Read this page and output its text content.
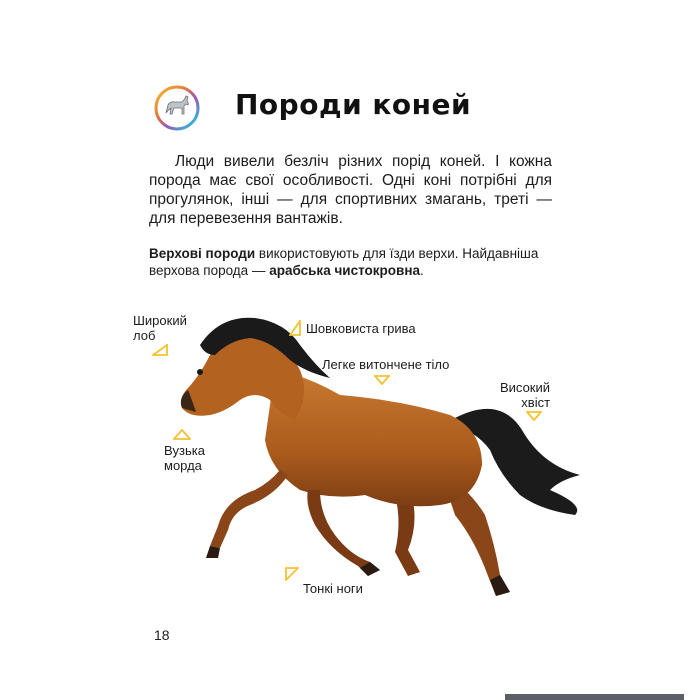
Породи коней
Люди вивели безліч різних порід коней. І кожна порода має свої особливості. Одні коні потрібні для прогулянок, інші — для спортивних змагань, треті — для перевезення вантажів.
Верхові породи використовують для їзди верхи. Найдавніша верхова порода — арабська чистокровна.
Широкий
лоб	Шовковиста грива
Легке витончене тіло
Високий
хвіст
Вузька
морда
Тонкі ноги
18
